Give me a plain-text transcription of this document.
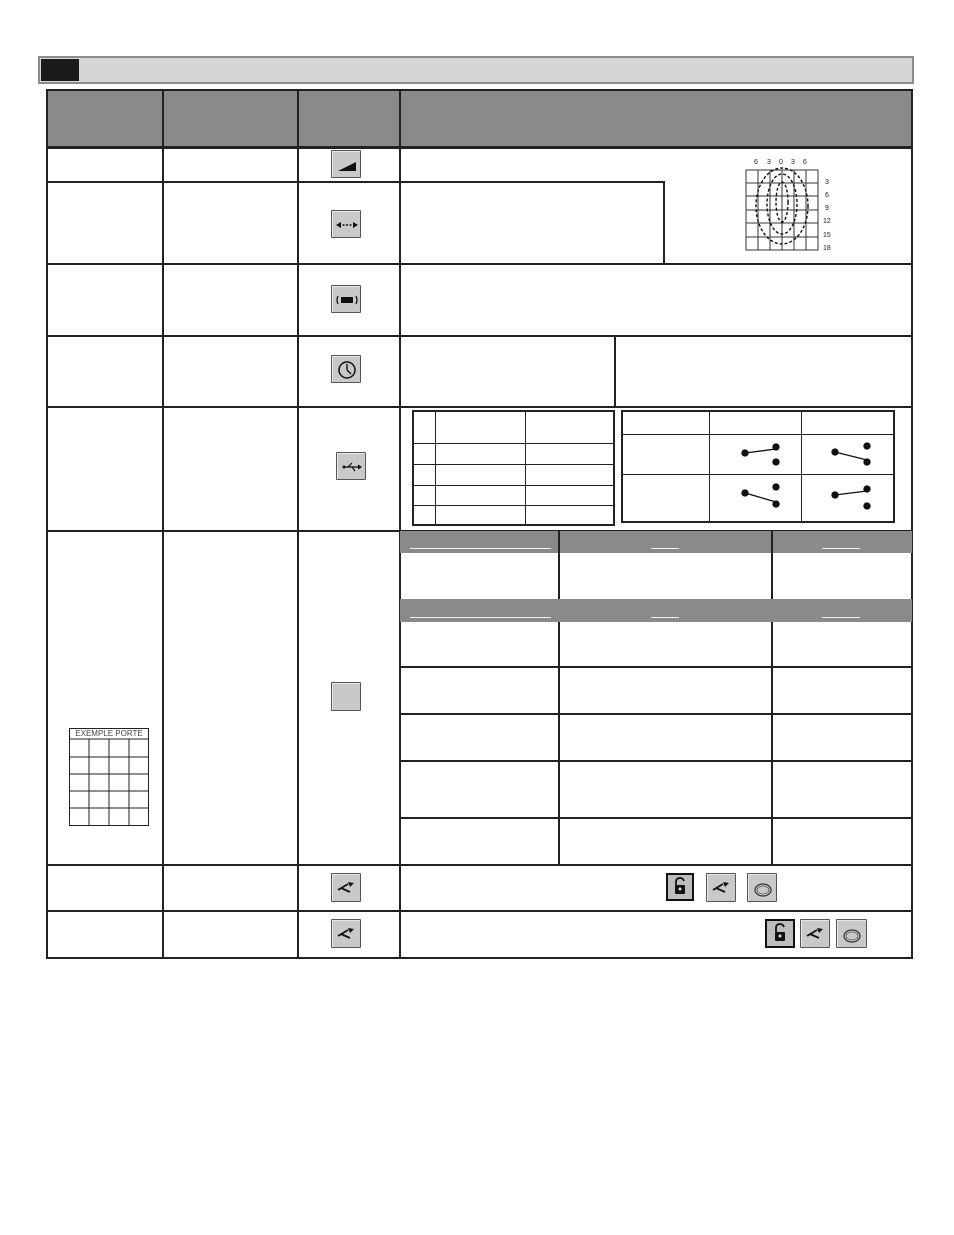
6 3 0 3 6
3
6
9
12
15
18
EXEMPLE PORTE
